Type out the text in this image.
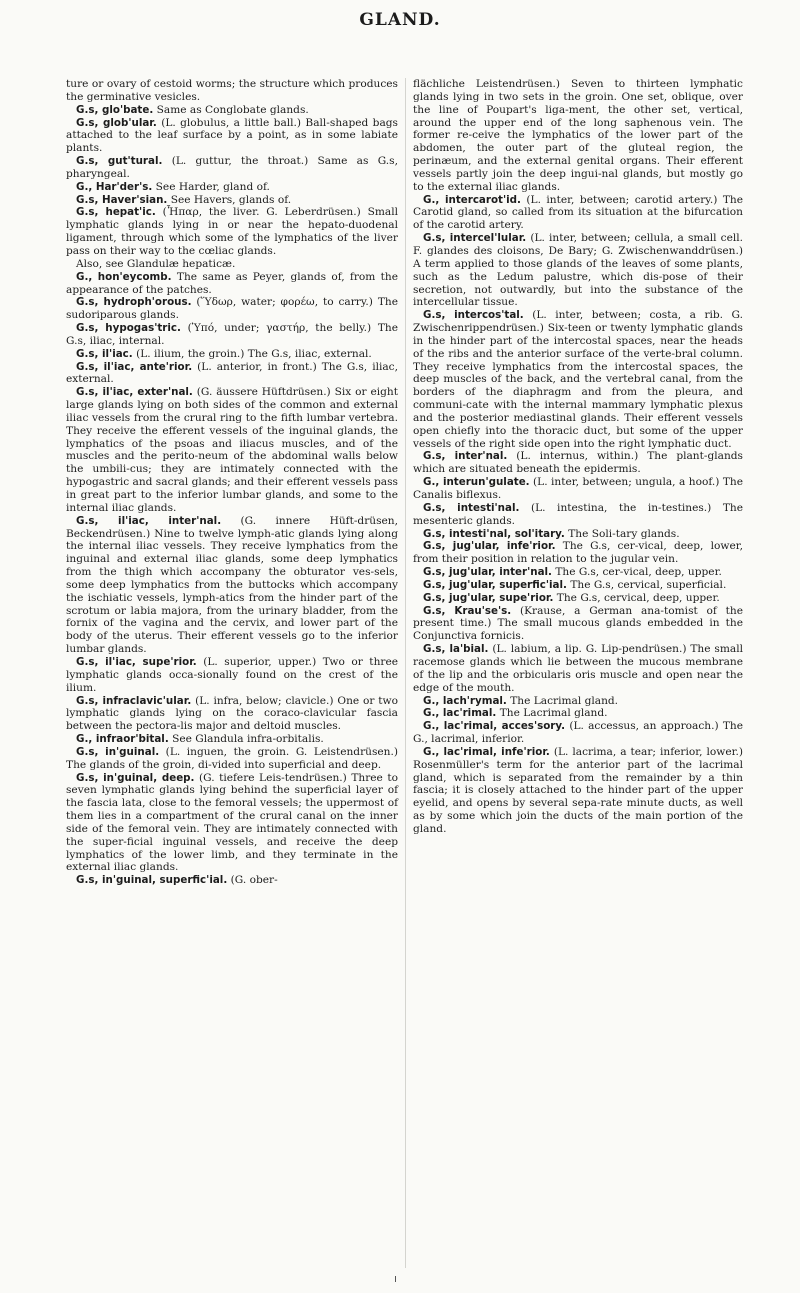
GLAND.

ture or ovary of cestoid worms; the structure which produces the germinative vesicles.

G.s, glo'bate. Same as Conglobate glands.

G.s, glob'ular. (L. globulus, a little ball.) Ball-shaped bags attached to the leaf surface by a point, as in some labiate plants.

G.s, gut'tural. (L. guttur, the throat.) Same as G.s, pharyngeal.

G., Har'der's. See Harder, gland of.

G.s, Haver'sian. See Havers, glands of.

G.s, hepat'ic. (Ἧπαρ, the liver. G. Leberdrüsen.) Small lymphatic glands lying in or near the hepato-duodenal ligament, through which some of the lymphatics of the liver pass on their way to the cœliac glands.

Also, see Glandulæ hepaticæ.

G., hon'eycomb. The same as Peyer, glands of, from the appearance of the patches.

G.s, hydroph'orous. (Ὕδωρ, water; φορέω, to carry.) The sudoriparous glands.

G.s, hypogas'tric. (Ὑπό, under; γαστήρ, the belly.) The G.s, iliac, internal.

G.s, il'iac. (L. ilium, the groin.) The G.s, iliac, external.

G.s, il'iac, ante'rior. (L. anterior, in front.) The G.s, iliac, external.

G.s, il'iac, exter'nal. (G. äussere Hüftdrüsen.) Six or eight large glands lying on both sides of the common and external iliac vessels from the crural ring to the fifth lumbar vertebra. They receive the efferent vessels of the inguinal glands, the lymphatics of the psoas and iliacus muscles, and of the muscles and the perito-neum of the abdominal walls below the umbili-cus; they are intimately connected with the hypogastric and sacral glands; and their efferent vessels pass in great part to the inferior lumbar glands, and some to the internal iliac glands.

G.s, il'iac, inter'nal. (G. innere Hüft-drüsen, Beckendrüsen.) Nine to twelve lymph-atic glands lying along the internal iliac vessels. They receive lymphatics from the inguinal and external iliac glands, some deep lymphatics from the thigh which accompany the obturator ves-sels, some deep lymphatics from the buttocks which accompany the ischiatic vessels, lymph-atics from the hinder part of the scrotum or labia majora, from the urinary bladder, from the fornix of the vagina and the cervix, and lower part of the body of the uterus. Their efferent vessels go to the inferior lumbar glands.

G.s, il'iac, supe'rior. (L. superior, upper.) Two or three lymphatic glands occa-sionally found on the crest of the ilium.

G.s, infraclavic'ular. (L. infra, below; clavicle.) One or two lymphatic glands lying on the coraco-clavicular fascia between the pectora-lis major and deltoid muscles.

G., infraor'bital. See Glandula infra-orbitalis.

G.s, in'guinal. (L. inguen, the groin. G. Leistendrüsen.) The glands of the groin, di-vided into superficial and deep.

G.s, in'guinal, deep. (G. tiefere Leis-tendrüsen.) Three to seven lymphatic glands lying behind the superficial layer of the fascia lata, close to the femoral vessels; the uppermost of them lies in a compartment of the crural canal on the inner side of the femoral vein. They are intimately connected with the super-ficial inguinal vessels, and receive the deep lymphatics of the lower limb, and they terminate in the external iliac glands.

G.s, in'guinal, superfic'ial. (G. ober-

flächliche Leistendrüsen.) Seven to thirteen lymphatic glands lying in two sets in the groin. One set, oblique, over the line of Poupart's liga-ment, the other set, vertical, around the upper end of the long saphenous vein. The former re-ceive the lymphatics of the lower part of the abdomen, the outer part of the gluteal region, the perinæum, and the external genital organs. Their efferent vessels partly join the deep ingui-nal glands, but mostly go to the external iliac glands.

G., intercarot'id. (L. inter, between; carotid artery.) The Carotid gland, so called from its situation at the bifurcation of the carotid artery.

G.s, intercel'lular. (L. inter, between; cellula, a small cell. F. glandes des cloisons, De Bary; G. Zwischenwanddrüsen.) A term applied to those glands of the leaves of some plants, such as the Ledum palustre, which dis-pose of their secretion, not outwardly, but into the substance of the intercellular tissue.

G.s, intercos'tal. (L. inter, between; costa, a rib. G. Zwischenrippendrüsen.) Six-teen or twenty lymphatic glands in the hinder part of the intercostal spaces, near the heads of the ribs and the anterior surface of the verte-bral column. They receive lymphatics from the intercostal spaces, the deep muscles of the back, and the vertebral canal, from the borders of the diaphragm and from the pleura, and communi-cate with the internal mammary lymphatic plexus and the posterior mediastinal glands. Their efferent vessels open chiefly into the thoracic duct, but some of the upper vessels of the right side open into the right lymphatic duct.

G.s, inter'nal. (L. internus, within.) The plant-glands which are situated beneath the epidermis.

G., interun'gulate. (L. inter, between; ungula, a hoof.) The Canalis biflexus.

G.s, intesti'nal. (L. intestina, the in-testines.) The mesenteric glands.

G.s, intesti'nal, sol'itary. The Soli-tary glands.

G.s, jug'ular, infe'rior. The G.s, cer-vical, deep, lower, from their position in relation to the jugular vein.

G.s, jug'ular, inter'nal. The G.s, cer-vical, deep, upper.

G.s, jug'ular, superfic'ial. The G.s, cervical, superficial.

G.s, jug'ular, supe'rior. The G.s, cervical, deep, upper.

G.s, Krau'se's. (Krause, a German ana-tomist of the present time.) The small mucous glands embedded in the Conjunctiva fornicis.

G.s, la'bial. (L. labium, a lip. G. Lip-pendrüsen.) The small racemose glands which lie between the mucous membrane of the lip and the orbicularis oris muscle and open near the edge of the mouth.

G., lach'rymal. The Lacrimal gland.

G., lac'rimal. The Lacrimal gland.

G., lac'rimal, acces'sory. (L. accessus, an approach.) The G., lacrimal, inferior.

G., lac'rimal, infe'rior. (L. lacrima, a tear; inferior, lower.) Rosenmüller's term for the anterior part of the lacrimal gland, which is separated from the remainder by a thin fascia; it is closely attached to the hinder part of the upper eyelid, and opens by several sepa-rate minute ducts, as well as by some which join the ducts of the main portion of the gland.
